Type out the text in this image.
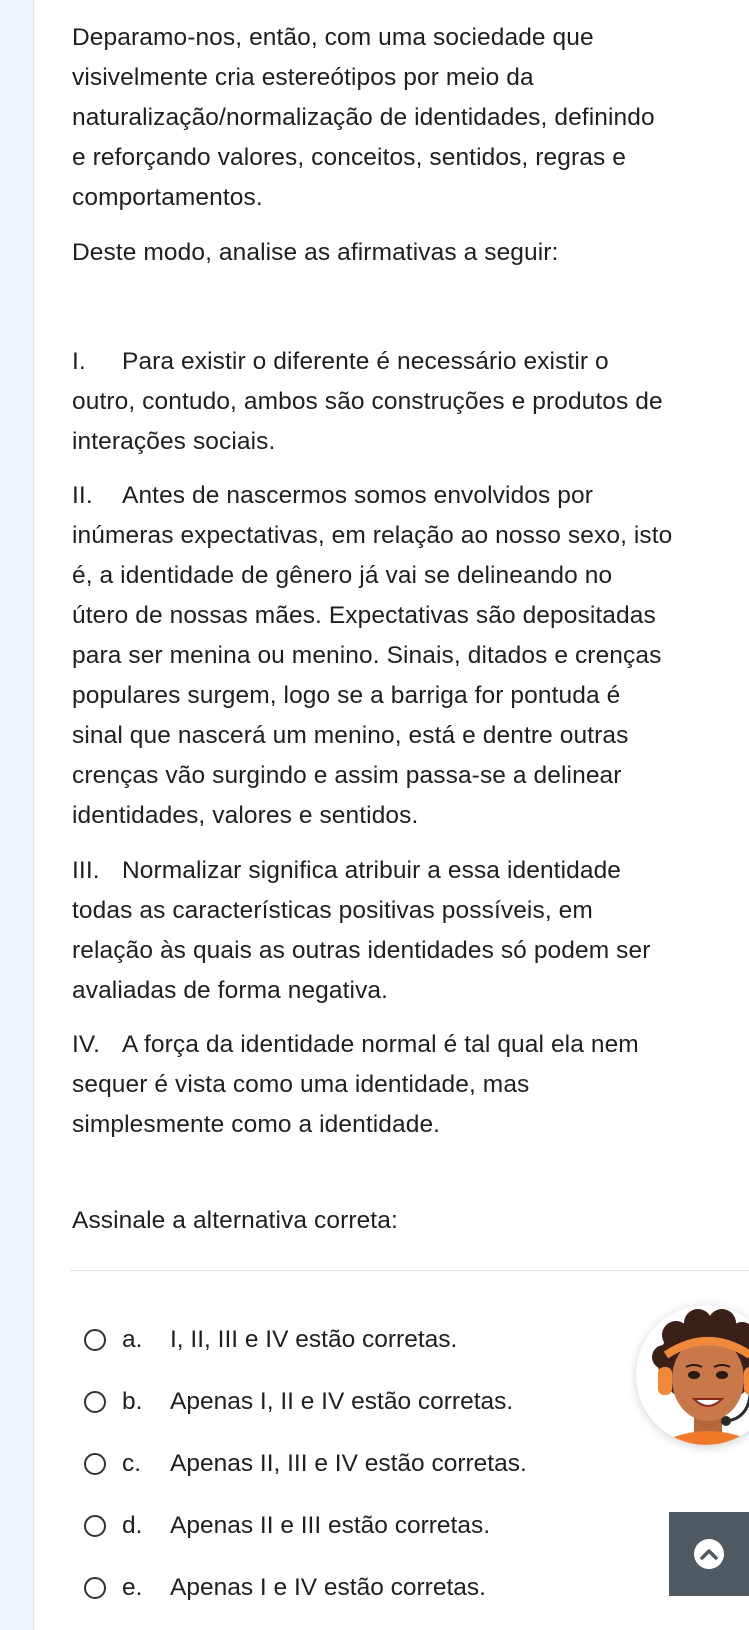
Deparamo-nos, então, com uma sociedade que
visivelmente cria estereótipos por meio da
naturalização/normalização de identidades, definindo
e reforçando valores, conceitos, sentidos, regras e
comportamentos.
Deste modo, analise as afirmativas a seguir:
I. Para existir o diferente é necessário existir o
outro, contudo, ambos são construções e produtos de
interações sociais.
II. Antes de nascermos somos envolvidos por
inúmeras expectativas, em relação ao nosso sexo, isto
é, a identidade de gênero já vai se delineando no
útero de nossas mães. Expectativas são depositadas
para ser menina ou menino. Sinais, ditados e crenças
populares surgem, logo se a barriga for pontuda é
sinal que nascerá um menino, está e dentre outras
crenças vão surgindo e assim passa-se a delinear
identidades, valores e sentidos.
III. Normalizar significa atribuir a essa identidade
todas as características positivas possíveis, em
relação às quais as outras identidades só podem ser
avaliadas de forma negativa.
IV. A força da identidade normal é tal qual ela nem
sequer é vista como uma identidade, mas
simplesmente como a identidade.
Assinale a alternativa correta:
a.	I, II, III e IV estão corretas.
b.	Apenas I, II e IV estão corretas.
c.	Apenas II, III e IV estão corretas.
d.	Apenas II e III estão corretas.
e.	Apenas I e IV estão corretas.
